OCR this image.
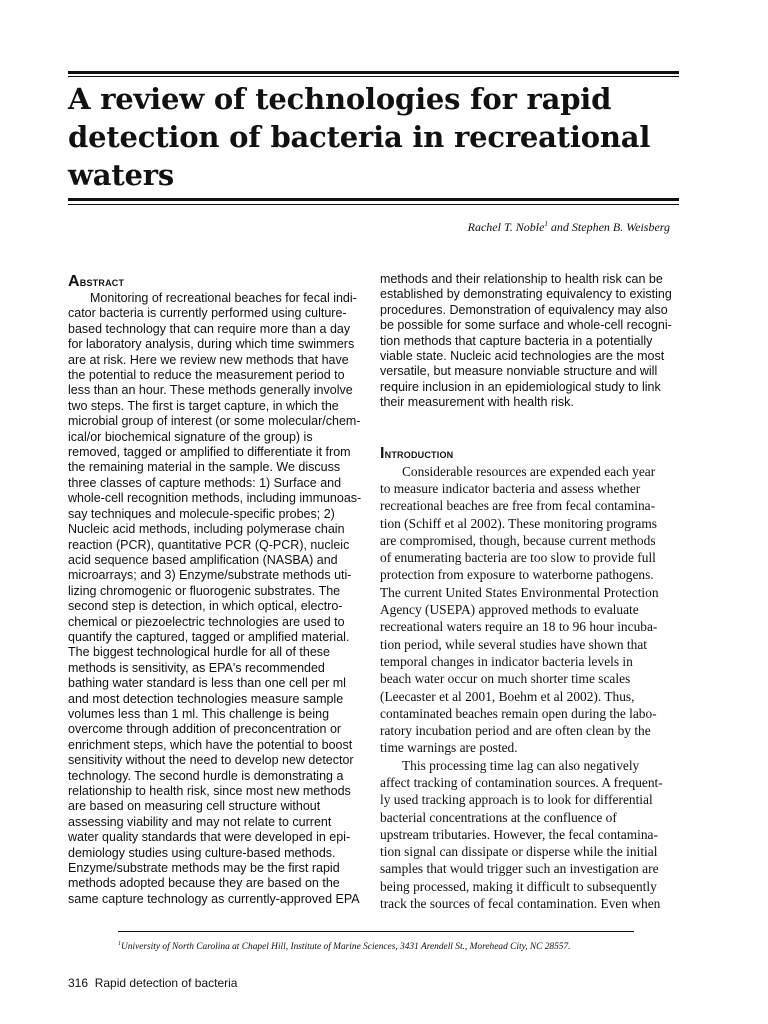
A review of technologies for rapid detection of bacteria in recreational waters

Rachel T. Noble$^1$ and Stephen B. Weisberg

Abstract

Monitoring of recreational beaches for fecal indi-
cator bacteria is currently performed using culture-
based technology that can require more than a day
for laboratory analysis, during which time swimmers
are at risk. Here we review new methods that have
the potential to reduce the measurement period to
less than an hour. These methods generally involve
two steps. The first is target capture, in which the
microbial group of interest (or some molecular/chem-
ical/or biochemical signature of the group) is
removed, tagged or amplified to differentiate it from
the remaining material in the sample. We discuss
three classes of capture methods: 1) Surface and
whole-cell recognition methods, including immunoas-
say techniques and molecule-specific probes; 2)
Nucleic acid methods, including polymerase chain
reaction (PCR), quantitative PCR (Q-PCR), nucleic
acid sequence based amplification (NASBA) and
microarrays; and 3) Enzyme/substrate methods uti-
lizing chromogenic or fluorogenic substrates. The
second step is detection, in which optical, electro-
chemical or piezoelectric technologies are used to
quantify the captured, tagged or amplified material.
The biggest technological hurdle for all of these
methods is sensitivity, as EPA's recommended
bathing water standard is less than one cell per ml
and most detection technologies measure sample
volumes less than 1 ml. This challenge is being
overcome through addition of preconcentration or
enrichment steps, which have the potential to boost
sensitivity without the need to develop new detector
technology. The second hurdle is demonstrating a
relationship to health risk, since most new methods
are based on measuring cell structure without
assessing viability and may not relate to current
water quality standards that were developed in epi-
demiology studies using culture-based methods.
Enzyme/substrate methods may be the first rapid
methods adopted because they are based on the
same capture technology as currently-approved EPA

methods and their relationship to health risk can be
established by demonstrating equivalency to existing
procedures. Demonstration of equivalency may also
be possible for some surface and whole-cell recogni-
tion methods that capture bacteria in a potentially
viable state. Nucleic acid technologies are the most
versatile, but measure nonviable structure and will
require inclusion in an epidemiological study to link
their measurement with health risk.

Introduction

Considerable resources are expended each year
to measure indicator bacteria and assess whether
recreational beaches are free from fecal contamina-
tion (Schiff et al 2002). These monitoring programs
are compromised, though, because current methods
of enumerating bacteria are too slow to provide full
protection from exposure to waterborne pathogens.
The current United States Environmental Protection
Agency (USEPA) approved methods to evaluate
recreational waters require an 18 to 96 hour incuba-
tion period, while several studies have shown that
temporal changes in indicator bacteria levels in
beach water occur on much shorter time scales
(Leecaster et al 2001, Boehm et al 2002). Thus,
contaminated beaches remain open during the labo-
ratory incubation period and are often clean by the
time warnings are posted.

This processing time lag can also negatively
affect tracking of contamination sources. A frequent-
ly used tracking approach is to look for differential
bacterial concentrations at the confluence of
upstream tributaries. However, the fecal contamina-
tion signal can dissipate or disperse while the initial
samples that would trigger such an investigation are
being processed, making it difficult to subsequently
track the sources of fecal contamination. Even when

$^1$University of North Carolina at Chapel Hill, Institute of Marine Sciences, 3431 Arendell St., Morehead City, NC 28557.

316 Rapid detection of bacteria
